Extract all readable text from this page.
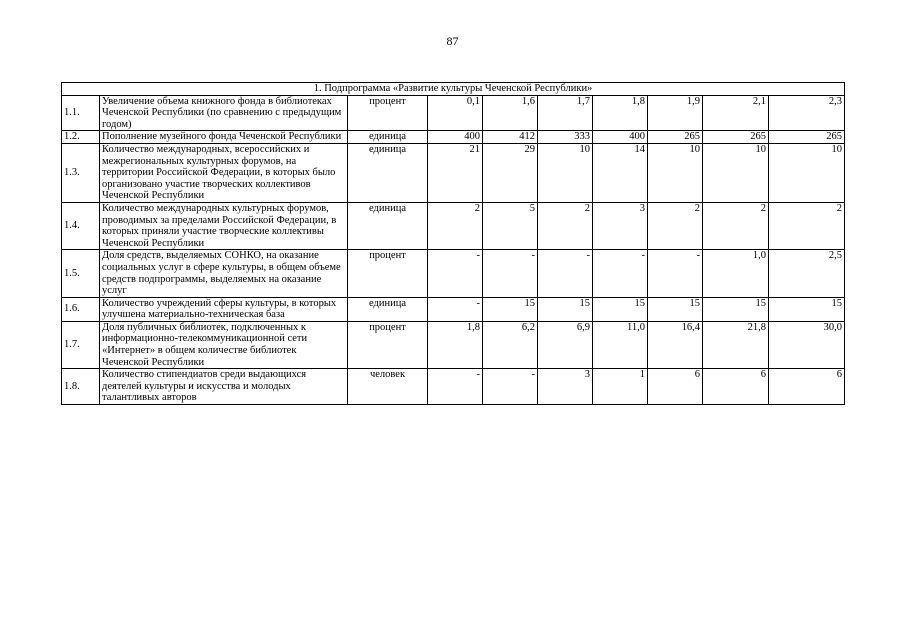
87
1. Подпрограмма «Развитие культуры Чеченской Республики»									
1.1.	Увеличение объема книжного фонда в библиотеках Чеченской Республики (по сравнению с предыдущим годом)	процент	0,1	1,6	1,7	1,8	1,9	2,1	2,3
1.2.	Пополнение музейного фонда Чеченской Республики	единица	400	412	333	400	265	265	265
1.3.	Количество международных, всероссийских и межрегиональных культурных форумов, на территории Российской Федерации, в которых было организовано участие творческих коллективов Чеченской Республики	единица	21	29	10	14	10	10	10
1.4.	Количество международных культурных форумов, проводимых за пределами Российской Федерации, в которых приняли участие творческие коллективы Чеченской Республики	единица	2	5	2	3	2	2	2
1.5.	Доля средств, выделяемых СОНКО, на оказание социальных услуг в сфере культуры, в общем объеме средств подпрограммы, выделяемых на оказание услуг	процент	-	-	-	-	-	1,0	2,5
1.6.	Количество учреждений сферы культуры, в которых улучшена материально-техническая база	единица	-	15	15	15	15	15	15
1.7.	Доля публичных библиотек, подключенных к информационно-телекоммуникационной сети «Интернет» в общем количестве библиотек Чеченской Республики	процент	1,8	6,2	6,9	11,0	16,4	21,8	30,0
1.8.	Количество стипендиатов среди выдающихся деятелей культуры и искусства и молодых талантливых авторов	человек	-	-	3	1	6	6	6
